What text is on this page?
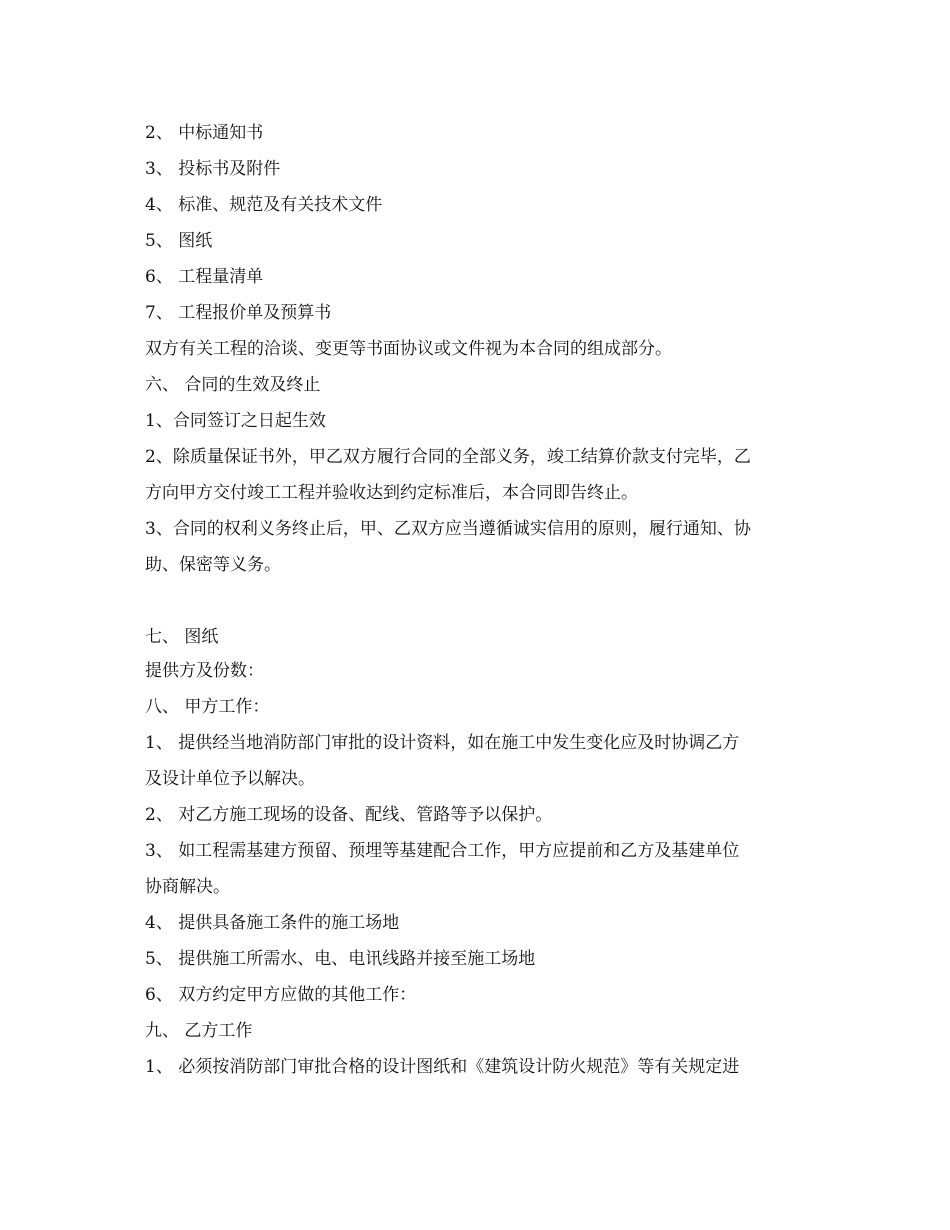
2、 中标通知书
3、 投标书及附件
4、 标准、规范及有关技术文件
5、 图纸
6、 工程量清单
7、 工程报价单及预算书
双方有关工程的洽谈、变更等书面协议或文件视为本合同的组成部分。
六、 合同的生效及终止
1、合同签订之日起生效
2、除质量保证书外，甲乙双方履行合同的全部义务，竣工结算价款支付完毕，乙
方向甲方交付竣工工程并验收达到约定标准后，本合同即告终止。
3、合同的权利义务终止后，甲、乙双方应当遵循诚实信用的原则，履行通知、协
助、保密等义务。
七、 图纸
提供方及份数：
八、 甲方工作：
1、 提供经当地消防部门审批的设计资料，如在施工中发生变化应及时协调乙方
及设计单位予以解决。
2、 对乙方施工现场的设备、配线、管路等予以保护。
3、 如工程需基建方预留、预埋等基建配合工作，甲方应提前和乙方及基建单位
协商解决。
4、 提供具备施工条件的施工场地
5、 提供施工所需水、电、电讯线路并接至施工场地
6、 双方约定甲方应做的其他工作：
九、 乙方工作
1、 必须按消防部门审批合格的设计图纸和《建筑设计防火规范》等有关规定进
